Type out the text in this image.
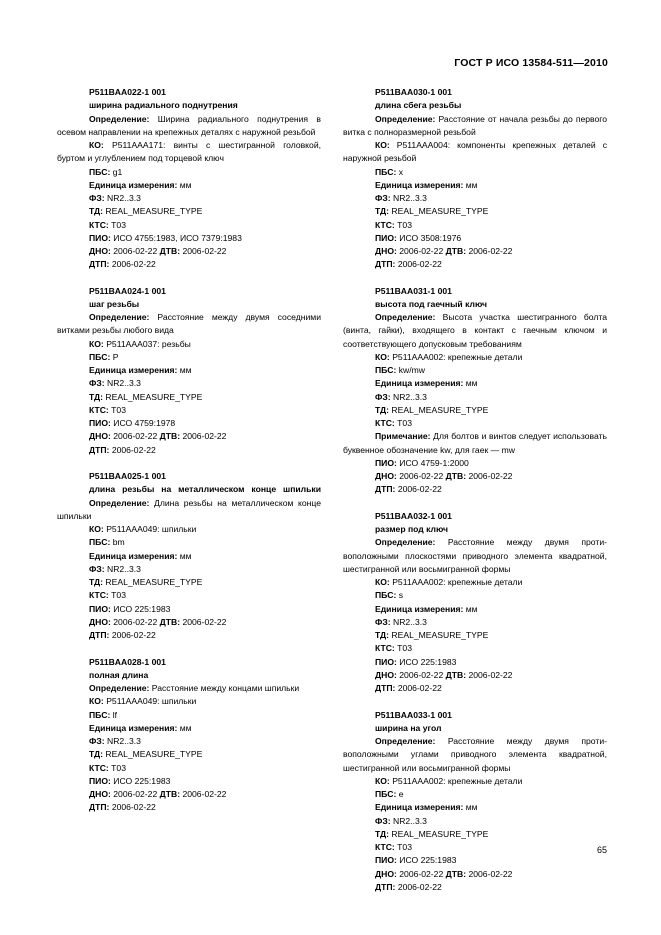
ГОСТ Р ИСО 13584-511—2010

P511BAA022-1 001

ширина радиального поднутрения

Определение: Ширина радиального поднутрения в осевом направлении на крепежных деталях с наружной резьбой

КО: P511AAA171: винты с шестигранной головкой, буртом и углублением под торцевой ключ

ПБС: g1

Единица измерения: мм

ФЗ: NR2..3.3

ТД: REAL_MEASURE_TYPE

КТС: T03

ПИО: ИСО 4755:1983, ИСО 7379:1983

ДНО: 2006-02-22 ДТВ: 2006-02-22

ДТП: 2006-02-22

P511BAA024-1 001

шаг резьбы

Определение: Расстояние между двумя соседними витками резьбы любого вида

КО: P511AAA037: резьбы

ПБС: P

Единица измерения: мм

ФЗ: NR2..3.3

ТД: REAL_MEASURE_TYPE

КТС: T03

ПИО: ИСО 4759:1978

ДНО: 2006-02-22 ДТВ: 2006-02-22

ДТП: 2006-02-22

P511BAA025-1 001

длина резьбы на металлическом конце шпильки

Определение: Длина резьбы на металлическом конце шпильки

КО: P511AAA049: шпильки

ПБС: bm

Единица измерения: мм

ФЗ: NR2..3.3

ТД: REAL_MEASURE_TYPE

КТС: T03

ПИО: ИСО 225:1983

ДНО: 2006-02-22 ДТВ: 2006-02-22

ДТП: 2006-02-22

P511BAA028-1 001

полная длина

Определение: Расстояние между концами шпильки

КО: P511AAA049: шпильки

ПБС: lf

Единица измерения: мм

ФЗ: NR2..3.3

ТД: REAL_MEASURE_TYPE

КТС: T03

ПИО: ИСО 225:1983

ДНО: 2006-02-22 ДТВ: 2006-02-22

ДТП: 2006-02-22

P511BAA030-1 001

длина сбега резьбы

Определение: Расстояние от начала резьбы до первого витка с полноразмерной резьбой

КО: P511AAA004: компоненты крепежных деталей с наружной резьбой

ПБС: x

Единица измерения: мм

ФЗ: NR2..3.3

ТД: REAL_MEASURE_TYPE

КТС: T03

ПИО: ИСО 3508:1976

ДНО: 2006-02-22 ДТВ: 2006-02-22

ДТП: 2006-02-22

P511BAA031-1 001

высота под гаечный ключ

Определение: Высота участка шестигранного болта (винта, гайки), входящего в контакт с гаечным ключом и соответствующего допусковым требованиям

КО: P511AAA002: крепежные детали

ПБС: kw/mw

Единица измерения: мм

ФЗ: NR2..3.3

ТД: REAL_MEASURE_TYPE

КТС: T03

Примечание: Для болтов и винтов следует использовать буквенное обозначение kw, для гаек — mw

ПИО: ИСО 4759-1:2000

ДНО: 2006-02-22 ДТВ: 2006-02-22

ДТП: 2006-02-22

P511BAA032-1 001

размер под ключ

Определение: Расстояние между двумя противоположными плоскостями приводного элемента квадратной, шестигранной или восьмигранной формы

КО: P511AAA002: крепежные детали

ПБС: s

Единица измерения: мм

ФЗ: NR2..3.3

ТД: REAL_MEASURE_TYPE

КТС: T03

ПИО: ИСО 225:1983

ДНО: 2006-02-22 ДТВ: 2006-02-22

ДТП: 2006-02-22

P511BAA033-1 001

ширина на угол

Определение: Расстояние между двумя противоположными углами приводного элемента квадратной, шестигранной или восьмигранной формы

КО: P511AAA002: крепежные детали

ПБС: e

Единица измерения: мм

ФЗ: NR2..3.3

ТД: REAL_MEASURE_TYPE

КТС: T03

ПИО: ИСО 225:1983

ДНО: 2006-02-22 ДТВ: 2006-02-22

ДТП: 2006-02-22

65
